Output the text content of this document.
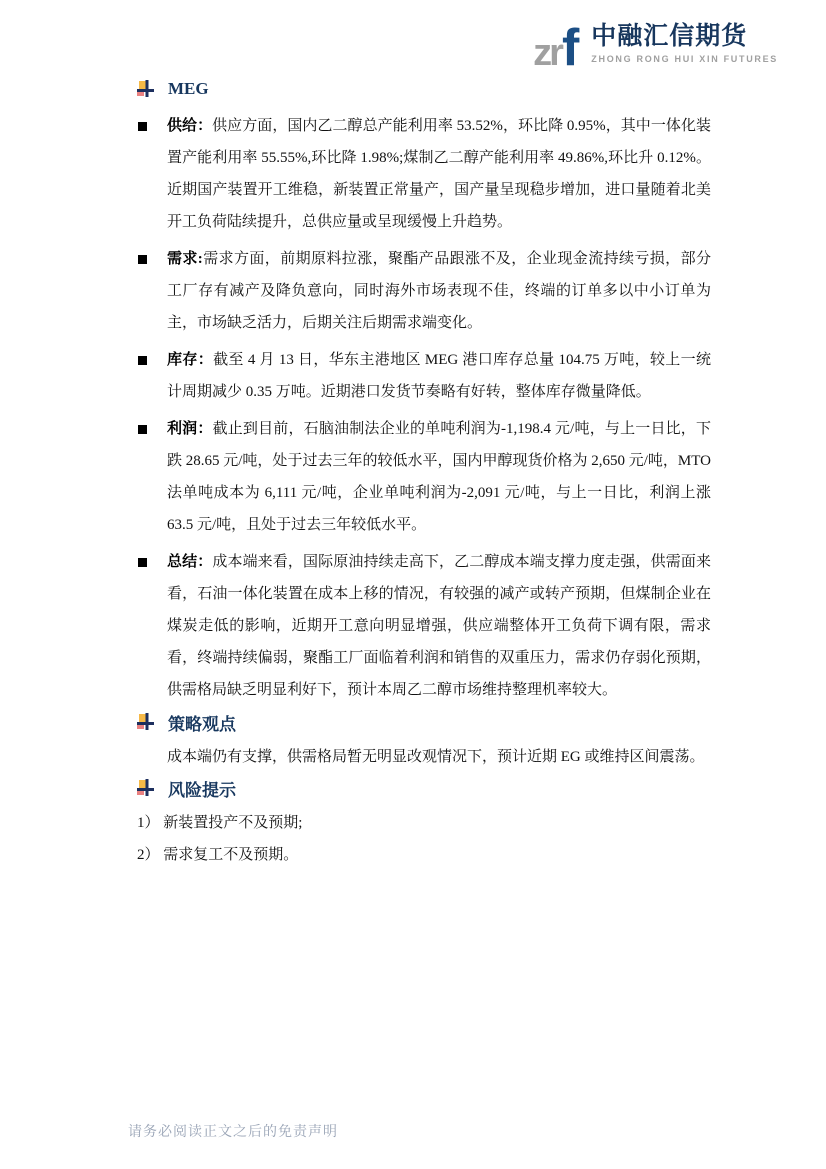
zr f 中融汇信期货
ZHONG RONG HUI XIN FUTURES
MEG
供给：供应方面，国内乙二醇总产能利用率 53.52%，环比降 0.95%，其中一体化装置产能利用率 55.55%,环比降 1.98%;煤制乙二醇产能利用率 49.86%,环比升 0.12%。近期国产装置开工维稳，新装置正常量产，国产量呈现稳步增加，进口量随着北美开工负荷陆续提升，总供应量或呈现缓慢上升趋势。
需求:需求方面，前期原料拉涨，聚酯产品跟涨不及，企业现金流持续亏损，部分工厂存有减产及降负意向，同时海外市场表现不佳，终端的订单多以中小订单为主，市场缺乏活力，后期关注后期需求端变化。
库存：截至 4 月 13 日，华东主港地区 MEG 港口库存总量 104.75 万吨，较上一统计周期减少 0.35 万吨。近期港口发货节奏略有好转，整体库存微量降低。
利润：截止到目前，石脑油制法企业的单吨利润为-1,198.4 元/吨，与上一日比，下跌 28.65 元/吨，处于过去三年的较低水平，国内甲醇现货价格为 2,650 元/吨，MTO 法单吨成本为 6,111 元/吨，企业单吨利润为-2,091 元/吨，与上一日比，利润上涨 63.5 元/吨，且处于过去三年较低水平。
总结：成本端来看，国际原油持续走高下，乙二醇成本端支撑力度走强，供需面来看，石油一体化装置在成本上移的情况，有较强的减产或转产预期，但煤制企业在煤炭走低的影响，近期开工意向明显增强，供应端整体开工负荷下调有限，需求看，终端持续偏弱，聚酯工厂面临着利润和销售的双重压力，需求仍存弱化预期，供需格局缺乏明显利好下，预计本周乙二醇市场维持整理机率较大。
策略观点
成本端仍有支撑，供需格局暂无明显改观情况下，预计近期 EG 或维持区间震荡。
风险提示
1） 新装置投产不及预期;
2） 需求复工不及预期。
请务必阅读正文之后的免责声明
